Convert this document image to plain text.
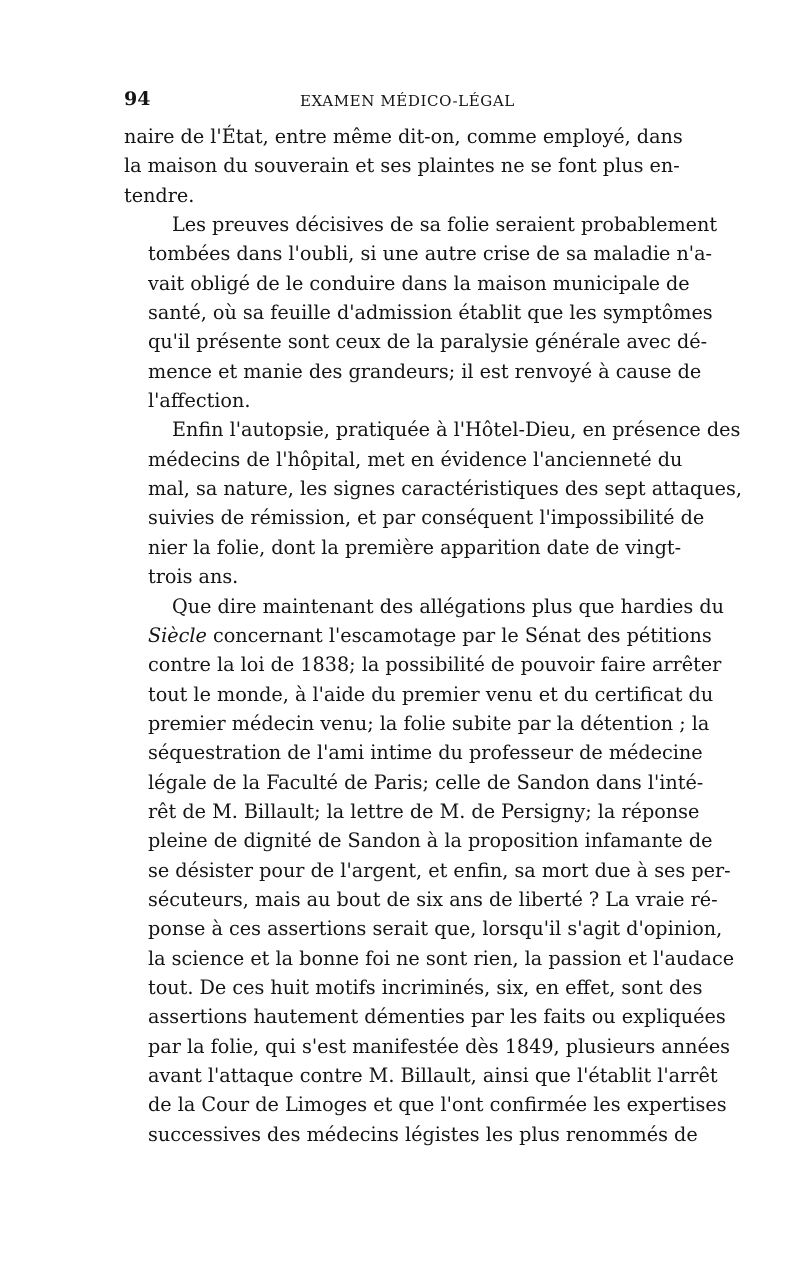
94	EXAMEN MÉDICO-LÉGAL

naire de l'État, entre même dit-on, comme employé, dans
la maison du souverain et ses plaintes ne se font plus en-
tendre.

Les preuves décisives de sa folie seraient probablement
tombées dans l'oubli, si une autre crise de sa maladie n'a-
vait obligé de le conduire dans la maison municipale de
santé, où sa feuille d'admission établit que les symptômes
qu'il présente sont ceux de la paralysie générale avec dé-
mence et manie des grandeurs; il est renvoyé à cause de
l'affection.

Enfin l'autopsie, pratiquée à l'Hôtel-Dieu, en présence des
médecins de l'hôpital, met en évidence l'ancienneté du
mal, sa nature, les signes caractéristiques des sept attaques,
suivies de rémission, et par conséquent l'impossibilité de
nier la folie, dont la première apparition date de vingt-
trois ans.

Que dire maintenant des allégations plus que hardies du
Siècle concernant l'escamotage par le Sénat des pétitions
contre la loi de 1838; la possibilité de pouvoir faire arrêter
tout le monde, à l'aide du premier venu et du certificat du
premier médecin venu; la folie subite par la détention ; la
séquestration de l'ami intime du professeur de médecine
légale de la Faculté de Paris; celle de Sandon dans l'inté-
rêt de M. Billault; la lettre de M. de Persigny; la réponse
pleine de dignité de Sandon à la proposition infamante de
se désister pour de l'argent, et enfin, sa mort due à ses per-
sécuteurs, mais au bout de six ans de liberté ? La vraie ré-
ponse à ces assertions serait que, lorsqu'il s'agit d'opinion,
la science et la bonne foi ne sont rien, la passion et l'audace
tout. De ces huit motifs incriminés, six, en effet, sont des
assertions hautement démenties par les faits ou expliquées
par la folie, qui s'est manifestée dès 1849, plusieurs années
avant l'attaque contre M. Billault, ainsi que l'établit l'arrêt
de la Cour de Limoges et que l'ont confirmée les expertises
successives des médecins légistes les plus renommés de
